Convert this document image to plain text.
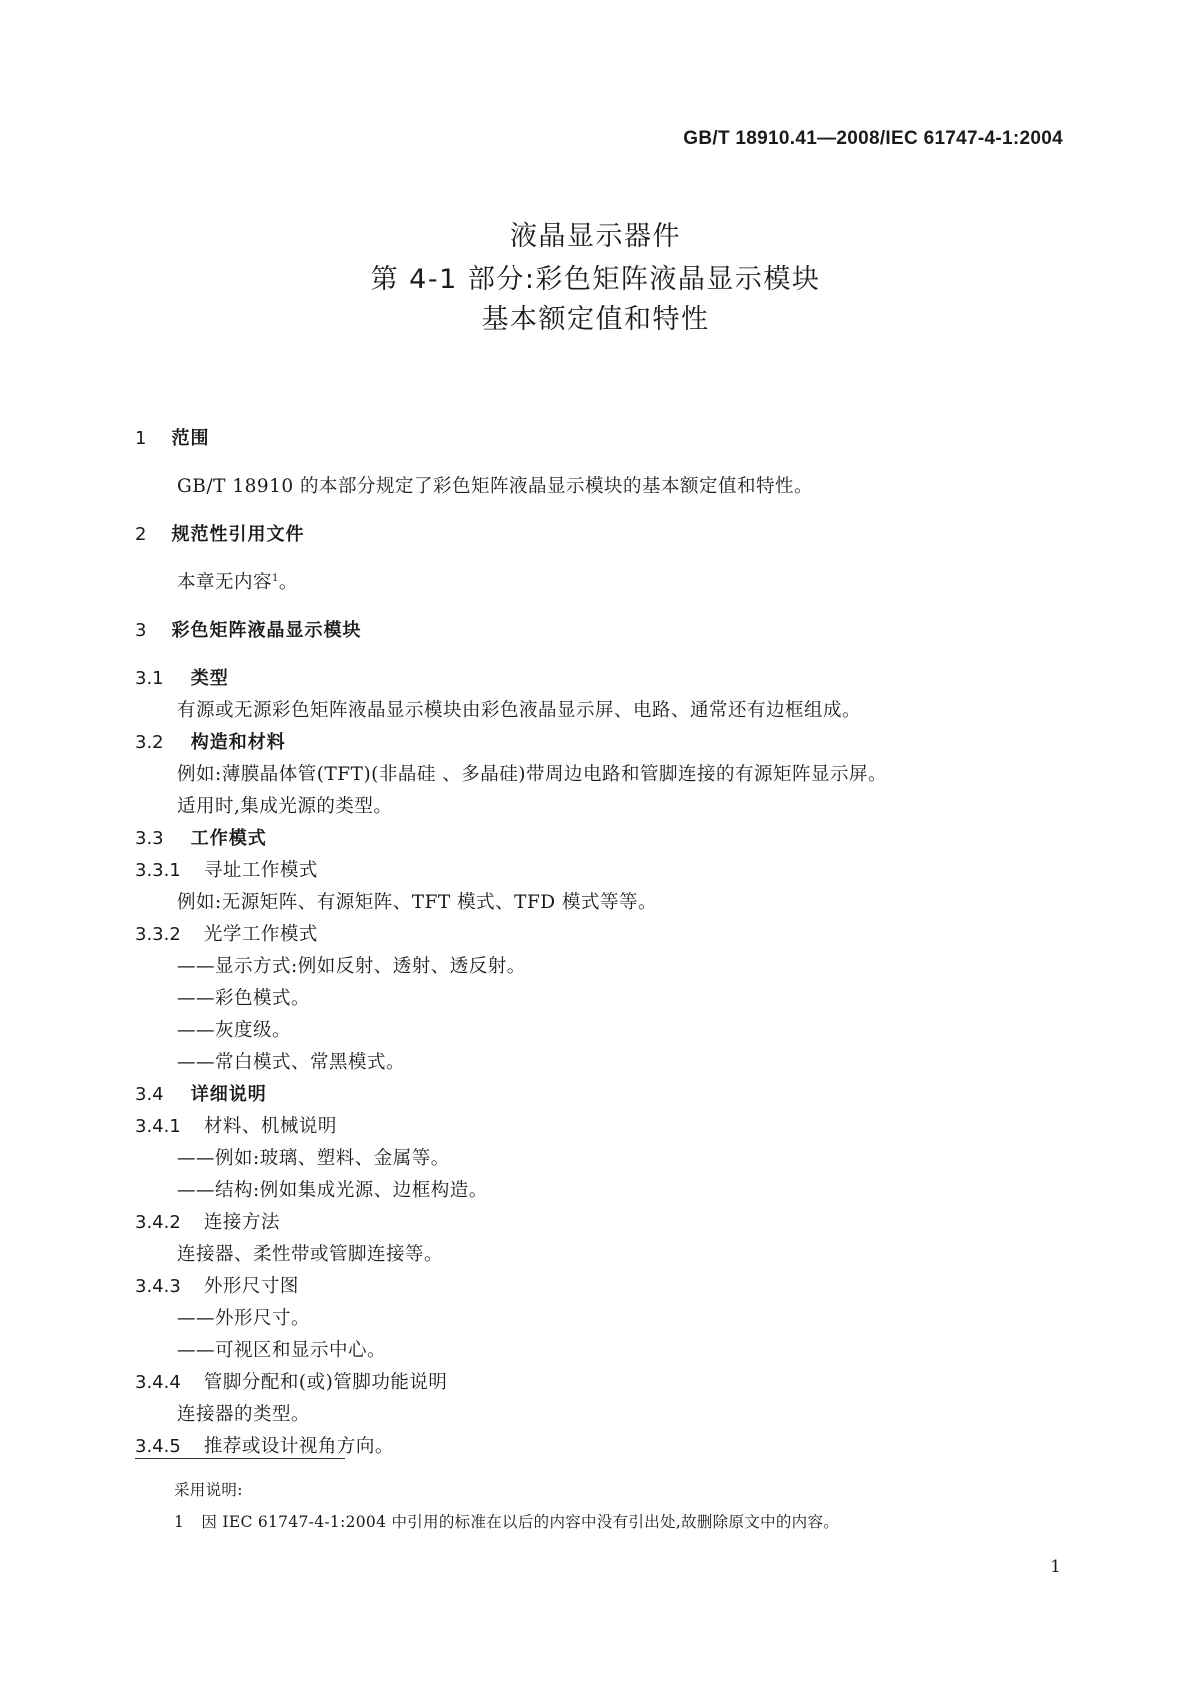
GB/T 18910.41—2008/IEC 61747-4-1:2004
液晶显示器件
第 4-1 部分:彩色矩阵液晶显示模块
基本额定值和特性
1 范围
GB/T 18910 的本部分规定了彩色矩阵液晶显示模块的基本额定值和特性。
2 规范性引用文件
本章无内容$^1$。
3 彩色矩阵液晶显示模块
3.1 类型
有源或无源彩色矩阵液晶显示模块由彩色液晶显示屏、电路、通常还有边框组成。
3.2 构造和材料
例如:薄膜晶体管(TFT)(非晶硅 、多晶硅)带周边电路和管脚连接的有源矩阵显示屏。
适用时,集成光源的类型。
3.3 工作模式
3.3.1 寻址工作模式
例如:无源矩阵、有源矩阵、TFT 模式、TFD 模式等等。
3.3.2 光学工作模式
——显示方式:例如反射、透射、透反射。
——彩色模式。
——灰度级。
——常白模式、常黑模式。
3.4 详细说明
3.4.1 材料、机械说明
——例如:玻璃、塑料、金属等。
——结构:例如集成光源、边框构造。
3.4.2 连接方法
连接器、柔性带或管脚连接等。
3.4.3 外形尺寸图
——外形尺寸。
——可视区和显示中心。
3.4.4 管脚分配和(或)管脚功能说明
连接器的类型。
3.4.5 推荐或设计视角方向。
采用说明:
1 因 IEC 61747-4-1:2004 中引用的标准在以后的内容中没有引出处,故删除原文中的内容。
1
